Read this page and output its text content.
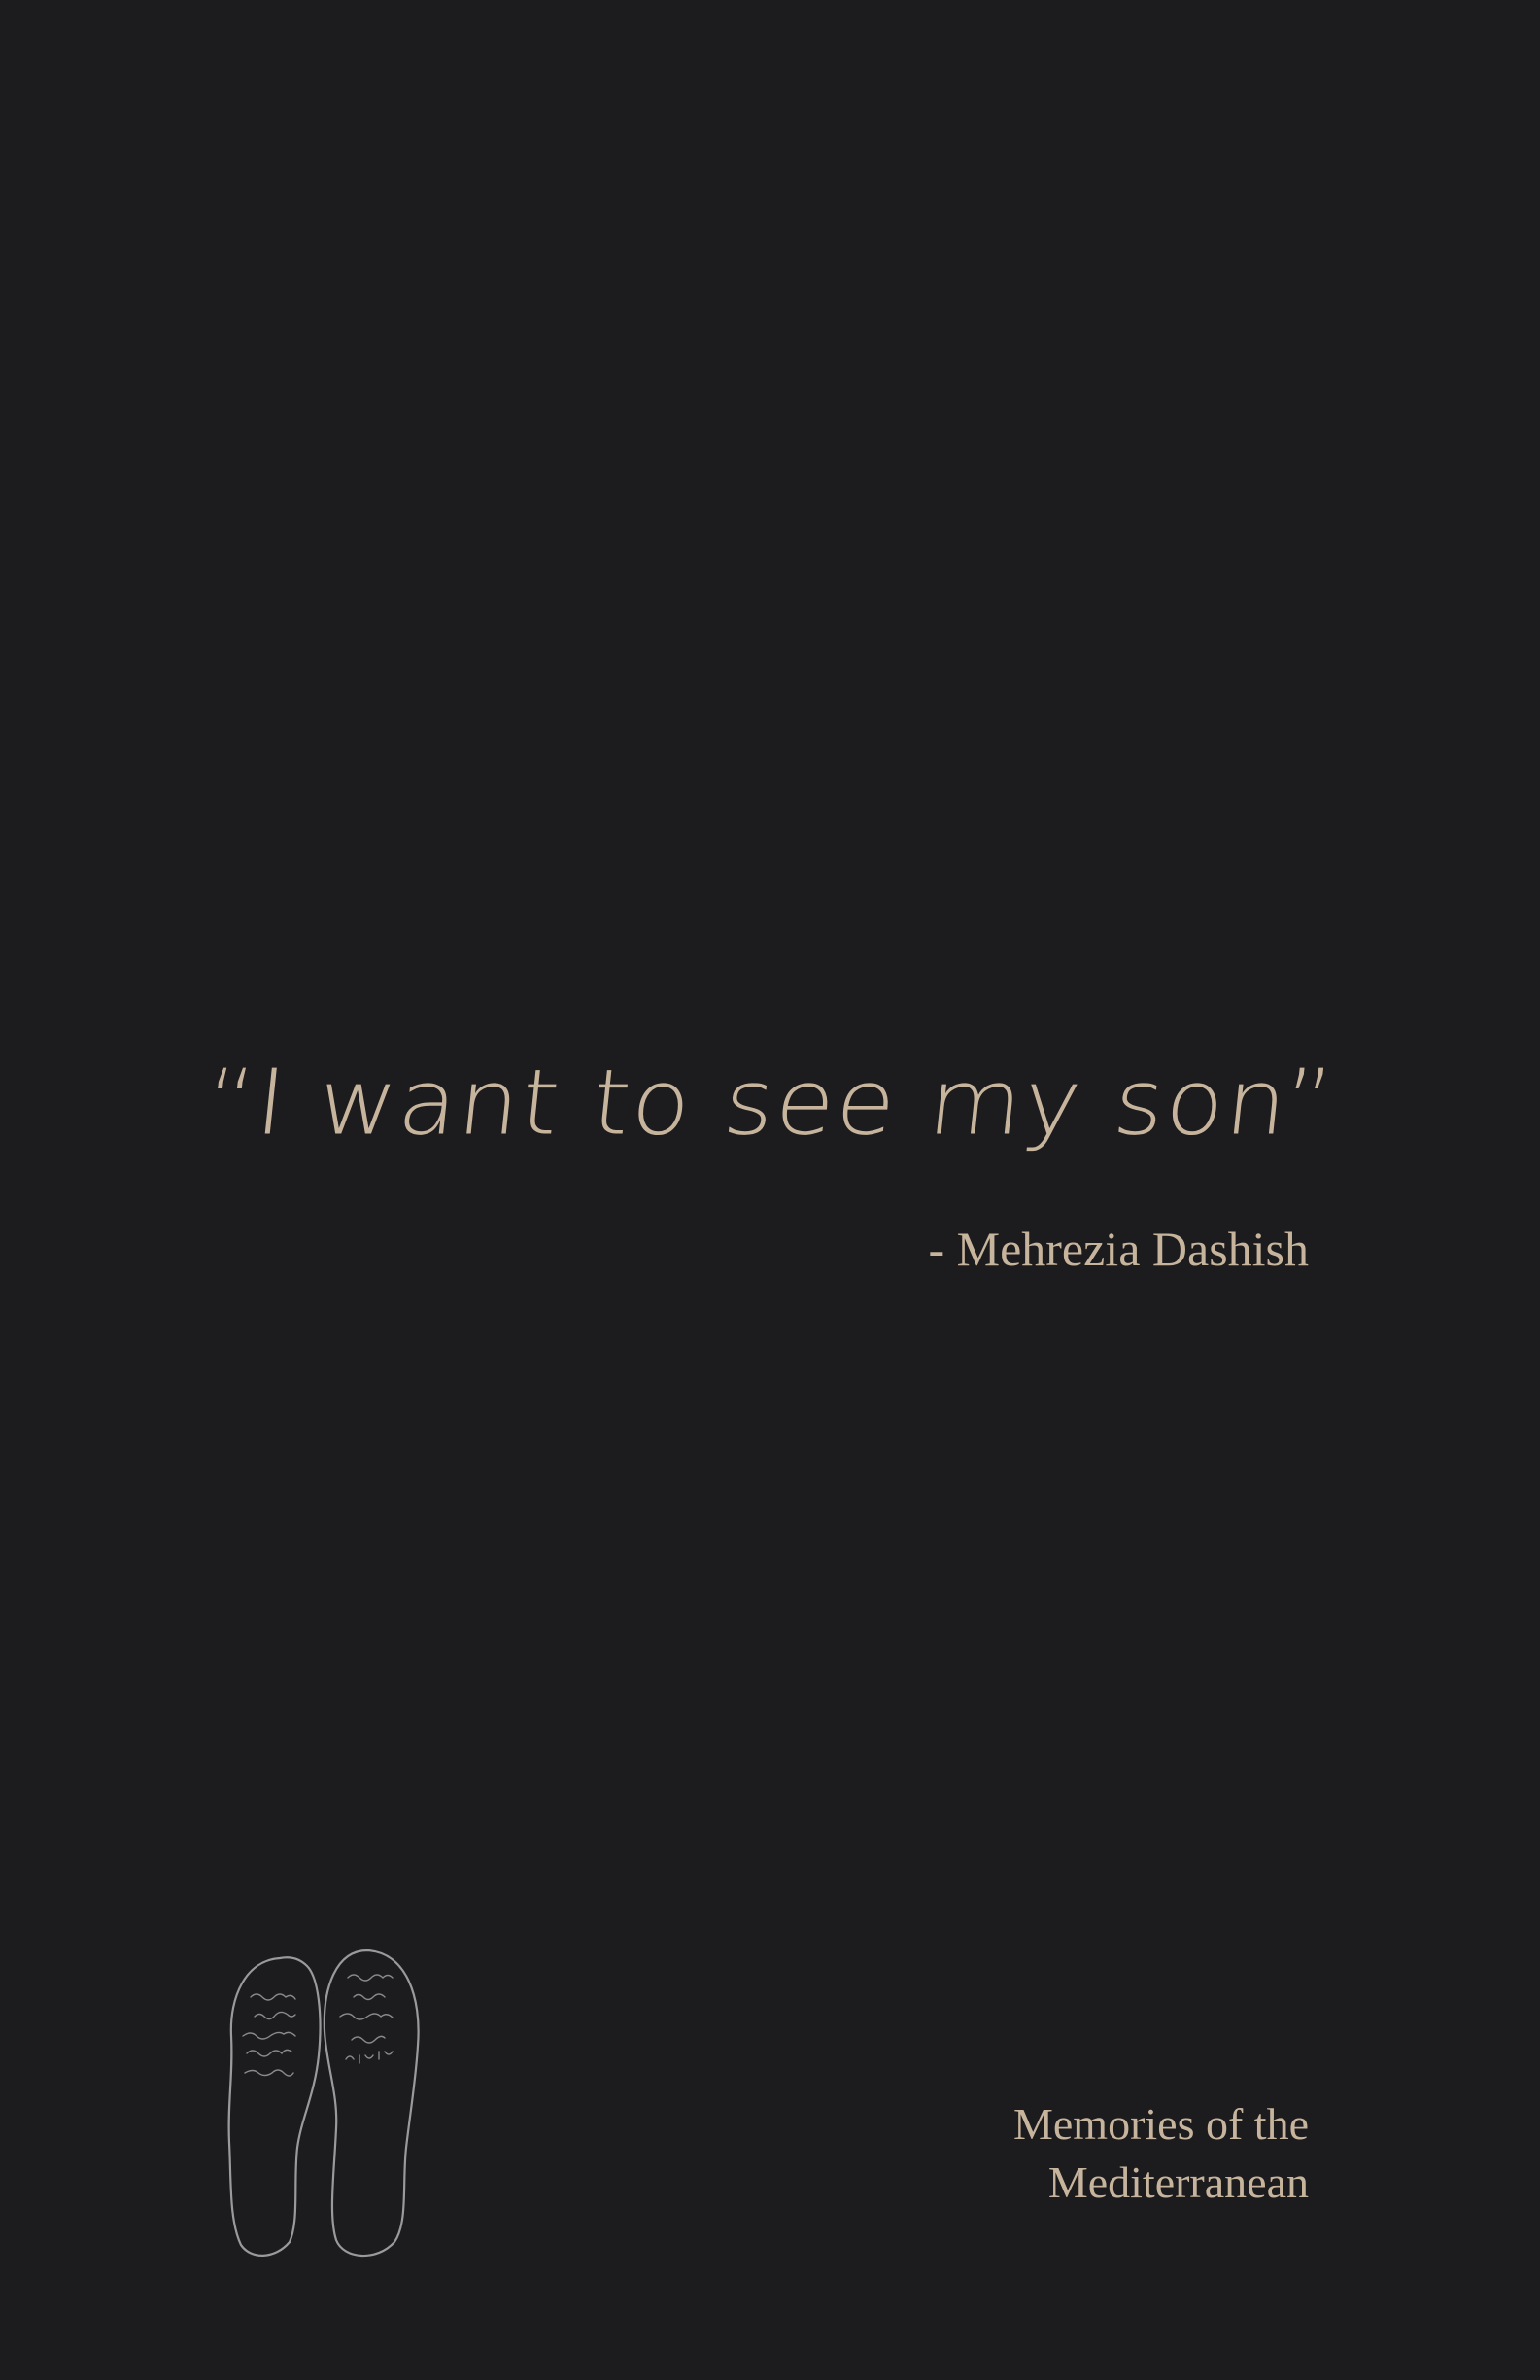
“I want to see my son”
- Mehrezia Dashish
Memories of the
Mediterranean
